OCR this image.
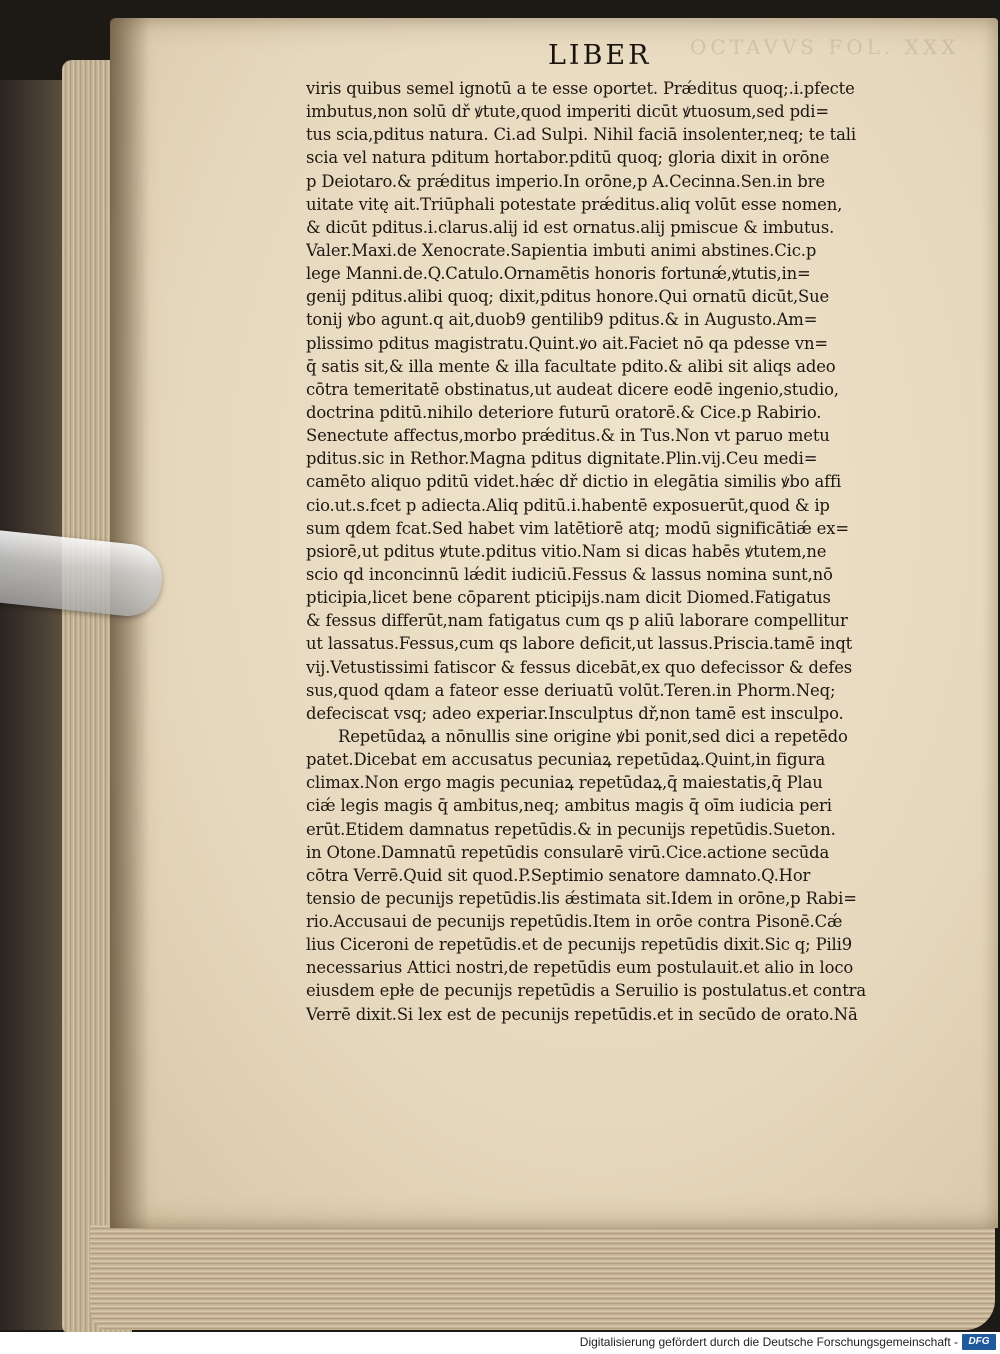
OCTAVVS FOL. XXX
LIBER
viris quibus semel ignotū a te esse oportet. Prǽditus quoq;.i.pfecte
imbutus,non solū dř ꝟtute,quod imperiti dicūt ꝟtuosum,sed pdi=
tus scia,pditus natura. Ci.ad Sulpi. Nihil faciā insolenter,neq; te tali
scia vel natura pditum hortabor.pditū quoq; gloria dixit in orōne
p Deiotaro.& prǽditus imperio.In orōne,p A.Cecinna.Sen.in bre
uitate vitę ait.Triūphali potestate prǽditus.aliq volūt esse nomen,
& dicūt pditus.i.clarus.alij id est ornatus.alij pmiscue & imbutus.
Valer.Maxi.de Xenocrate.Sapientia imbuti animi abstines.Cic.p
lege Manni.de.Q.Catulo.Ornamētis honoris fortunǽ,ꝟtutis,in=
genij pditus.alibi quoq; dixit,pditus honore.Qui ornatū dicūt,Sue
tonij ꝟbo agunt.q ait,duob9 gentilib9 pditus.& in Augusto.Am=
plissimo pditus magistratu.Quint.ꝟo ait.Faciet nō qa pdesse vn=
q̄ satis sit,& illa mente & illa facultate pdito.& alibi sit aliqs adeo
cōtra temeritatē obstinatus,ut audeat dicere eodē ingenio,studio,
doctrina pditū.nihilo deteriore futurū oratorē.& Cice.p Rabirio.
Senectute affectus,morbo prǽditus.& in Tus.Non vt paruo metu
pditus.sic in Rethor.Magna pditus dignitate.Plin.vij.Ceu medi=
camēto aliquo pditū videt.hǽc dř dictio in elegātia similis ꝟbo affi
cio.ut.s.fcet p adiecta.Aliq pditū.i.habentē exposuerūt,quod & ip
sum qdem fcat.Sed habet vim latētiorē atq; modū significātiǽ ex=
psiorē,ut pditus ꝟtute.pditus vitio.Nam si dicas habēs ꝟtutem,ne
scio qd inconcinnū lǽdit iudiciū.Fessus & lassus nomina sunt,nō
pticipia,licet bene cōparent pticipijs.nam dicit Diomed.Fatigatus
& fessus differūt,nam fatigatus cum qs p aliū laborare compellitur
ut lassatus.Fessus,cum qs labore deficit,ut lassus.Priscia.tamē inqt
vij.Vetustissimi fatiscor & fessus dicebāt,ex quo defecissor & defes
sus,quod qdam a fateor esse deriuatū volūt.Teren.in Phorm.Neq;
defeciscat vsq; adeo experiar.Insculptus dř,non tamē est insculpo.
Repetūdaꝝ a nōnullis sine origine ꝟbi ponit,sed dici a repetēdo
patet.Dicebat em accusatus pecuniaꝝ repetūdaꝝ.Quint,in figura
climax.Non ergo magis pecuniaꝝ repetūdaꝝ,q̄ maiestatis,q̄ Plau
ciǽ legis magis q̄ ambitus,neq; ambitus magis q̄ oīm iudicia peri
erūt.Etidem damnatus repetūdis.& in pecunijs repetūdis.Sueton.
in Otone.Damnatū repetūdis consularē virū.Cice.actione secūda
cōtra Verrē.Quid sit quod.P.Septimio senatore damnato.Q.Hor
tensio de pecunijs repetūdis.lis ǽstimata sit.Idem in orōne,p Rabi=
rio.Accusaui de pecunijs repetūdis.Item in orōe contra Pisonē.Cǽ
lius Ciceroni de repetūdis.et de pecunijs repetūdis dixit.Sic q; Pili9
necessarius Attici nostri,de repetūdis eum postulauit.et alio in loco
eiusdem epłe de pecunijs repetūdis a Seruilio is postulatus.et contra
Verrē dixit.Si lex est de pecunijs repetūdis.et in secūdo de orato.Nā
Digitalisierung gefördert durch die Deutsche Forschungsgemeinschaft -	DFG
